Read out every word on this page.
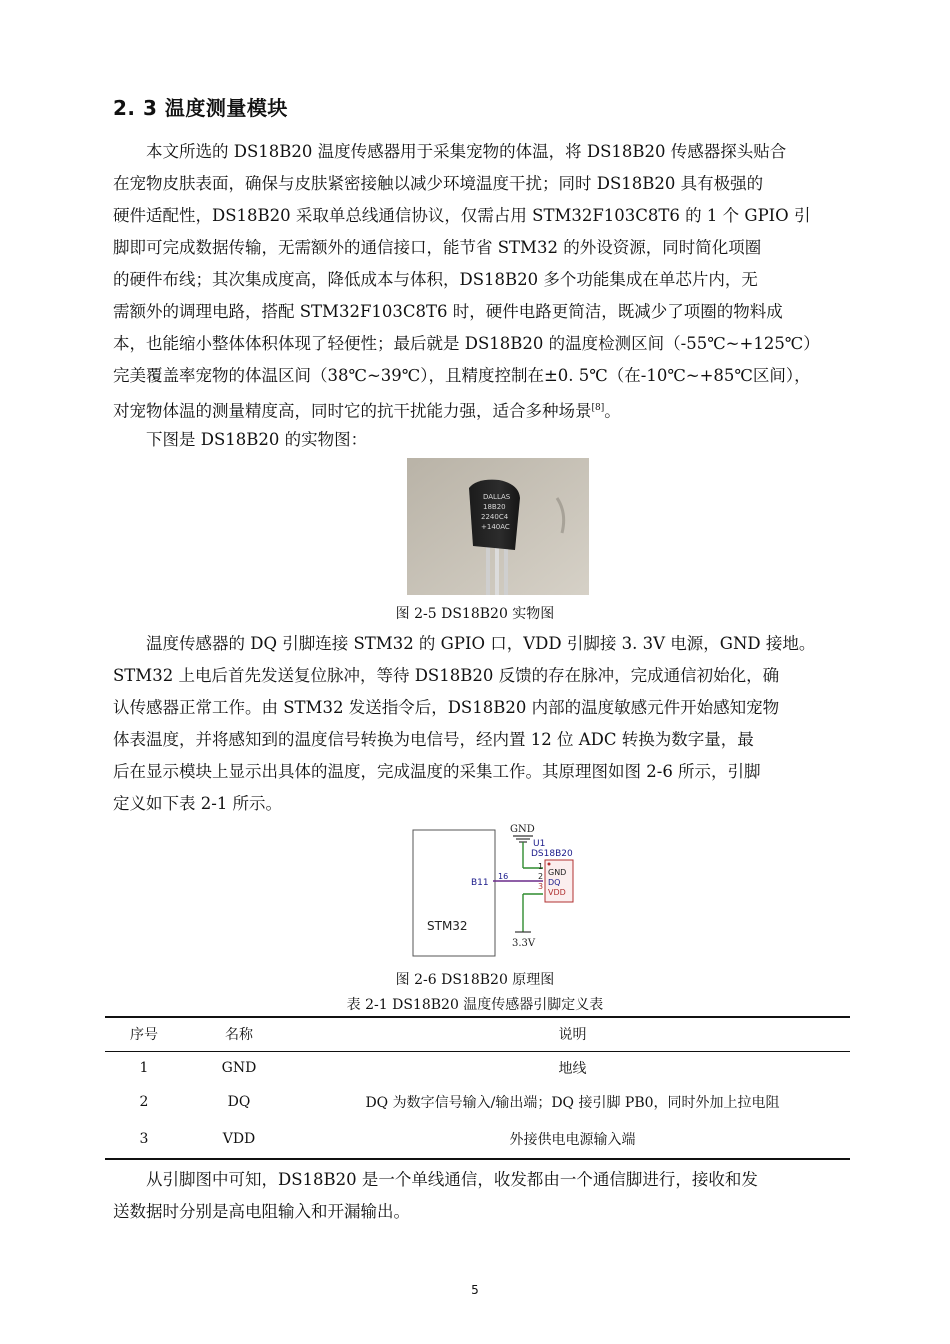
2. 3 温度测量模块
　　本文所选的 DS18B20 温度传感器用于采集宠物的体温，将 DS18B20 传感器探头贴合
在宠物皮肤表面，确保与皮肤紧密接触以减少环境温度干扰；同时 DS18B20 具有极强的
硬件适配性，DS18B20 采取单总线通信协议，仅需占用 STM32F103C8T6 的 1 个 GPIO 引
脚即可完成数据传输，无需额外的通信接口，能节省 STM32 的外设资源，同时简化项圈
的硬件布线；其次集成度高，降低成本与体积，DS18B20 多个功能集成在单芯片内，无
需额外的调理电路，搭配 STM32F103C8T6 时，硬件电路更简洁，既减少了项圈的物料成
本，也能缩小整体体积体现了轻便性；最后就是 DS18B20 的温度检测区间（-55℃~+125℃）
完美覆盖率宠物的体温区间（38℃~39℃），且精度控制在±0. 5℃（在-10℃~+85℃区间），
对宠物体温的测量精度高，同时它的抗干扰能力强，适合多种场景[8]。
　　下图是 DS18B20 的实物图：
DALLAS
18B20
2240C4
+140AC
图 2-5 DS18B20 实物图
　　温度传感器的 DQ 引脚连接 STM32 的 GPIO 口，VDD 引脚接 3. 3V 电源，GND 接地。
STM32 上电后首先发送复位脉冲，等待 DS18B20 反馈的存在脉冲，完成通信初始化，确
认传感器正常工作。由 STM32 发送指令后，DS18B20 内部的温度敏感元件开始感知宠物
体表温度，并将感知到的温度信号转换为电信号，经内置 12 位 ADC 转换为数字量，最
后在显示模块上显示出具体的温度，完成温度的采集工作。其原理图如图 2-6 所示，引脚
定义如下表 2-1 所示。
GND
U1
DS18B20
1
2
3
GND
DQ
VDD
STM32
B11
16
3.3V
图 2-6 DS18B20 原理图
表 2-1 DS18B20 温度传感器引脚定义表
序号	名称	说明
1	GND	地线
2	DQ	DQ 为数字信号输入/输出端；DQ 接引脚 PB0，同时外加上拉电阻
3	VDD	外接供电电源输入端
　　从引脚图中可知，DS18B20 是一个单线通信，收发都由一个通信脚进行，接收和发
送数据时分别是高电阻输入和开漏输出。
5
